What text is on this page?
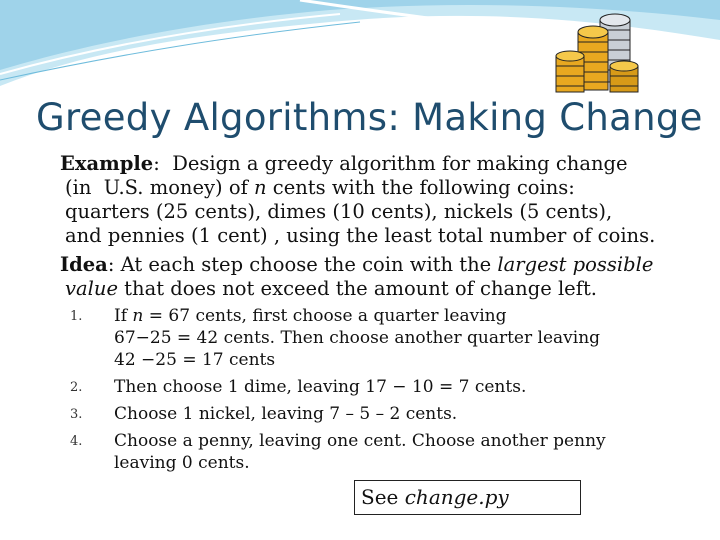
Greedy Algorithms: Making Change
Example:  Design a greedy algorithm for making change
(in  U.S. money) of n cents with the following coins:
quarters (25 cents), dimes (10 cents), nickels (5 cents),
and pennies (1 cent) , using the least total number of coins.
Idea: At each step choose the coin with the largest possible
value that does not exceed the amount of change left.
1.	If n = 67 cents, first choose a quarter leaving
67−25 = 42 cents. Then choose another quarter leaving
42 −25 = 17 cents
2.	Then choose 1 dime, leaving 17 − 10 = 7 cents.
3.	Choose 1 nickel, leaving 7 – 5 – 2 cents.
4.	Choose a penny, leaving one cent. Choose another penny
leaving 0 cents.
See change.py
